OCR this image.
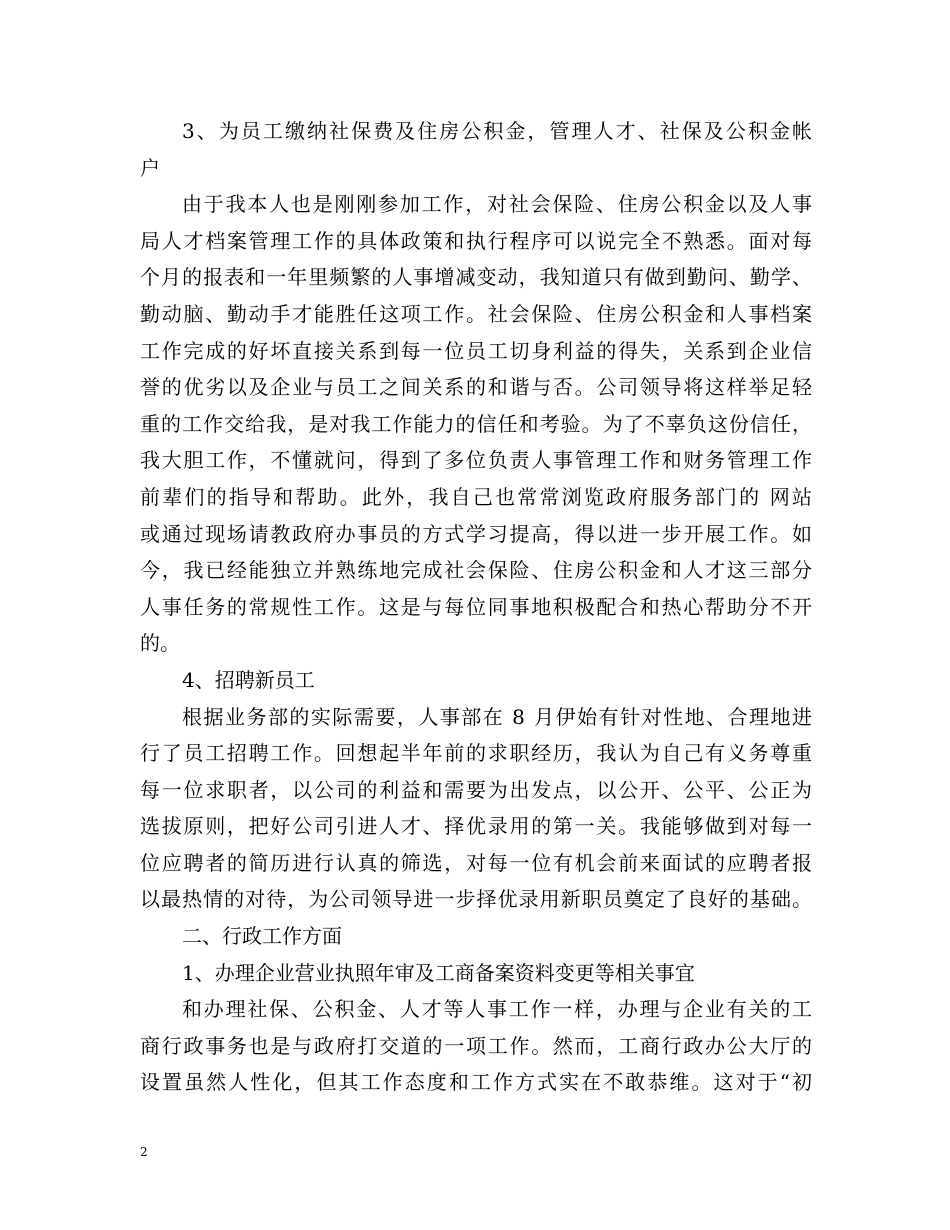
3、为员工缴纳社保费及住房公积金，管理人才、社保及公积金帐
户
由于我本人也是刚刚参加工作，对社会保险、住房公积金以及人事
局人才档案管理工作的具体政策和执行程序可以说完全不熟悉。面对每
个月的报表和一年里频繁的人事增减变动，我知道只有做到勤问、勤学、
勤动脑、勤动手才能胜任这项工作。社会保险、住房公积金和人事档案
工作完成的好坏直接关系到每一位员工切身利益的得失，关系到企业信
誉的优劣以及企业与员工之间关系的和谐与否。公司领导将这样举足轻
重的工作交给我，是对我工作能力的信任和考验。为了不辜负这份信任，
我大胆工作，不懂就问，得到了多位负责人事管理工作和财务管理工作
前辈们的指导和帮助。此外，我自己也常常浏览政府服务部门的 网站
或通过现场请教政府办事员的方式学习提高，得以进一步开展工作。如
今，我已经能独立并熟练地完成社会保险、住房公积金和人才这三部分
人事任务的常规性工作。这是与每位同事地积极配合和热心帮助分不开
的。
4、招聘新员工
根据业务部的实际需要，人事部在 8 月伊始有针对性地、合理地进
行了员工招聘工作。回想起半年前的求职经历，我认为自己有义务尊重
每一位求职者，以公司的利益和需要为出发点，以公开、公平、公正为
选拔原则，把好公司引进人才、择优录用的第一关。我能够做到对每一
位应聘者的简历进行认真的筛选，对每一位有机会前来面试的应聘者报
以最热情的对待，为公司领导进一步择优录用新职员奠定了良好的基础。
二、行政工作方面
1、办理企业营业执照年审及工商备案资料变更等相关事宜
和办理社保、公积金、人才等人事工作一样，办理与企业有关的工
商行政事务也是与政府打交道的一项工作。然而，工商行政办公大厅的
设置虽然人性化，但其工作态度和工作方式实在不敢恭维。这对于“初
2
